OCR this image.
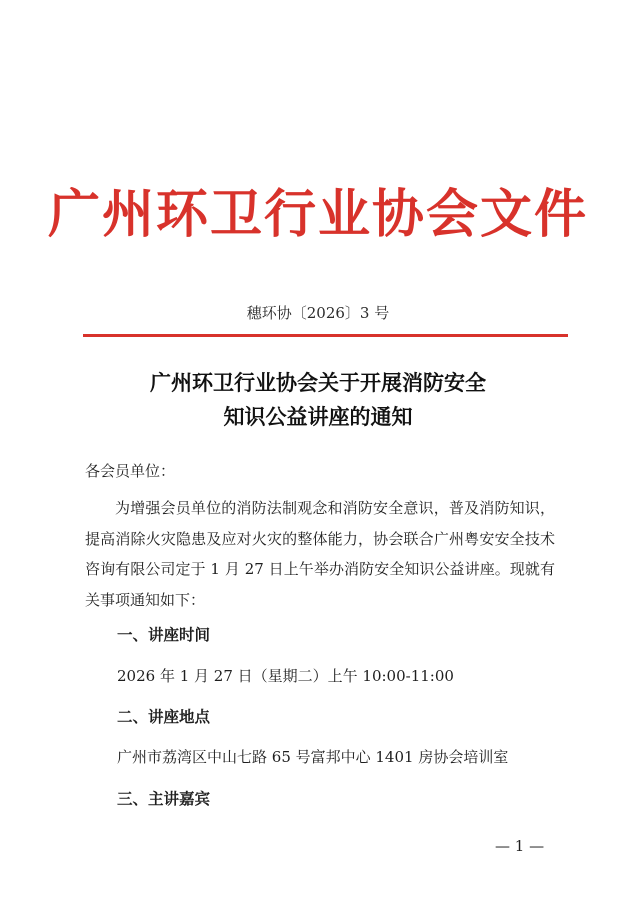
广州环卫行业协会文件
穗环协〔2026〕3 号
广州环卫行业协会关于开展消防安全
知识公益讲座的通知
各会员单位：
为增强会员单位的消防法制观念和消防安全意识，普及消防知识，提高消除火灾隐患及应对火灾的整体能力，协会联合广州粤安安全技术咨询有限公司定于 1 月 27 日上午举办消防安全知识公益讲座。现就有关事项通知如下：
一、讲座时间
2026 年 1 月 27 日（星期二）上午 10:00-11:00
二、讲座地点
广州市荔湾区中山七路 65 号富邦中心 1401 房协会培训室
三、主讲嘉宾
— 1 —
